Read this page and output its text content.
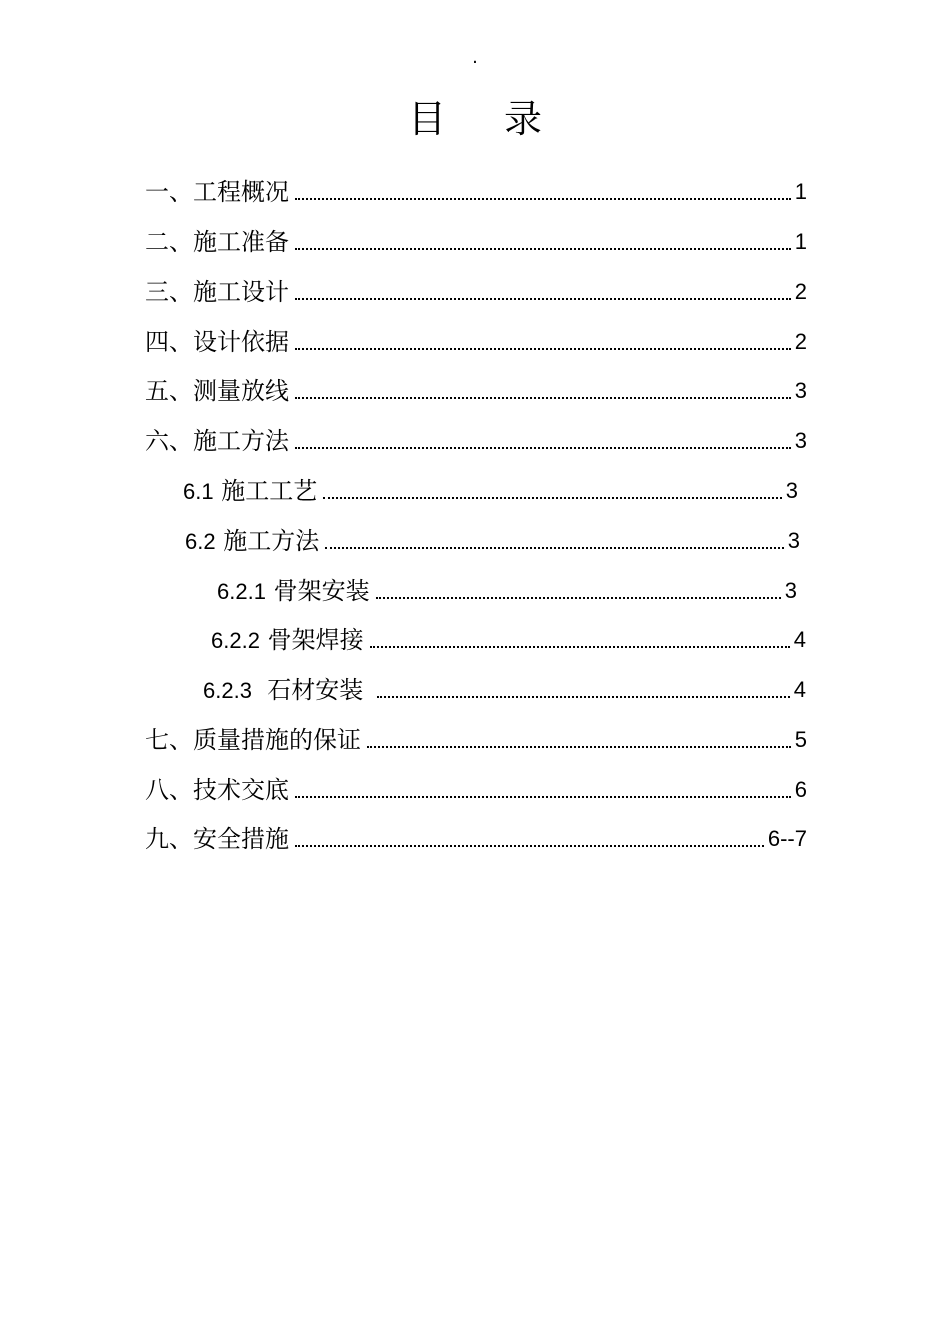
.
目 录
一、工程概况	1
二、施工准备	1
三、施工设计	2
四、设计依据	2
五、测量放线	3
六、施工方法	3
6.1 施工工艺	3
6.2 施工方法	3
6.2.1 骨架安装	3
6.2.2 骨架焊接	4
6.2.3 石材安装	4
七、质量措施的保证	5
八、技术交底	6
九、安全措施	6--7
